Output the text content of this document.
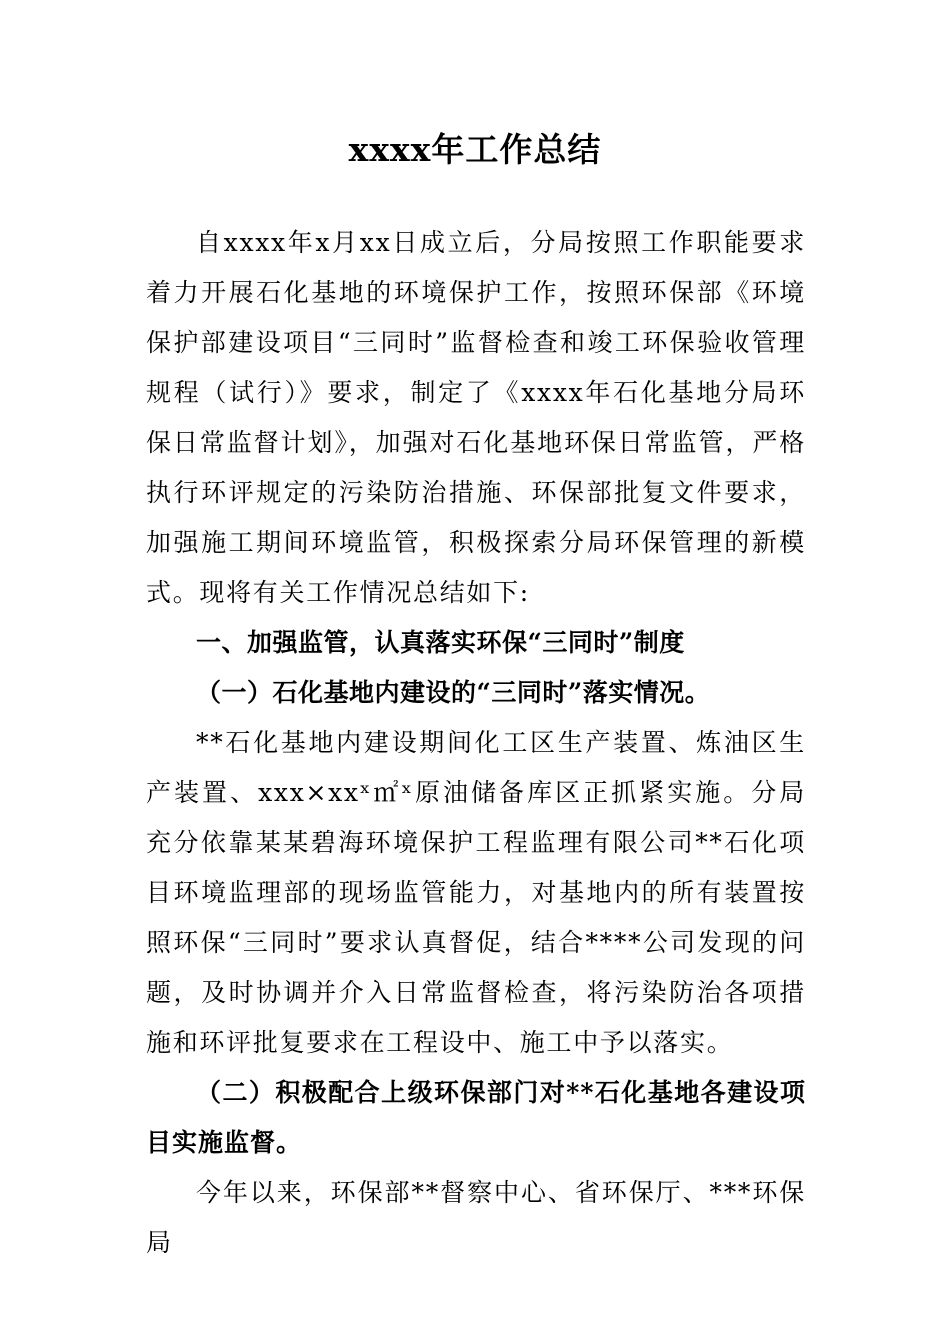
xxxx年工作总结

自xxxx年x月xx日成立后，分局按照工作职能要求着力开展石化基地的环境保护工作，按照环保部《环境保护部建设项目“三同时”监督检查和竣工环保验收管理规程（试行）》要求，制定了《xxxx年石化基地分局环保日常监督计划》，加强对石化基地环保日常监管，严格执行环评规定的污染防治措施、环保部批复文件要求，加强施工期间环境监管，积极探索分局环保管理的新模式。现将有关工作情况总结如下:

一、加强监管，认真落实环保“三同时”制度

（一）石化基地内建设的“三同时”落实情况。

**石化基地内建设期间化工区生产装置、炼油区生产装置、xxx×xxˣ㎡ˣ原油储备库区正抓紧实施。分局充分依靠某某碧海环境保护工程监理有限公司**石化项目环境监理部的现场监管能力，对基地内的所有装置按照环保“三同时”要求认真督促，结合****公司发现的问题，及时协调并介入日常监督检查，将污染防治各项措施和环评批复要求在工程设中、施工中予以落实。

（二）积极配合上级环保部门对**石化基地各建设项目实施监督。

今年以来，环保部**督察中心、省环保厅、***环保局
